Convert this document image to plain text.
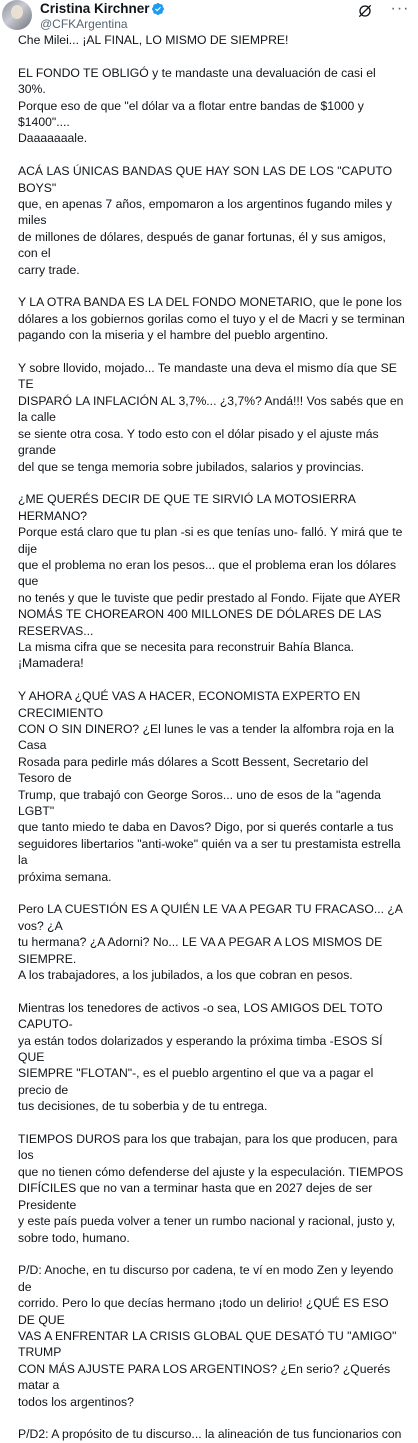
Cristina Kirchner
@CFKArgentina
···

Che Milei... ¡AL FINAL, LO MISMO DE SIEMPRE!

EL FONDO TE OBLIGÓ y te mandaste una devaluación de casi el 30%.
Porque eso de que "el dólar va a flotar entre bandas de $1000 y $1400"....
Daaaaaaale.

ACÁ LAS ÚNICAS BANDAS QUE HAY SON LAS DE LOS "CAPUTO BOYS"
que, en apenas 7 años, empomaron a los argentinos fugando miles y miles
de millones de dólares, después de ganar fortunas, él y sus amigos, con el
carry trade.

Y LA OTRA BANDA ES LA DEL FONDO MONETARIO, que le pone los
dólares a los gobiernos gorilas como el tuyo y el de Macri y se terminan
pagando con la miseria y el hambre del pueblo argentino.

Y sobre llovido, mojado... Te mandaste una deva el mismo día que SE TE
DISPARÓ LA INFLACIÓN AL 3,7%... ¿3,7%? Andá!!! Vos sabés que en la calle
se siente otra cosa. Y todo esto con el dólar pisado y el ajuste más grande
del que se tenga memoria sobre jubilados, salarios y provincias.

¿ME QUERÉS DECIR DE QUE TE SIRVIÓ LA MOTOSIERRA HERMANO?
Porque está claro que tu plan -si es que tenías uno- falló. Y mirá que te dije
que el problema no eran los pesos... que el problema eran los dólares que
no tenés y que le tuviste que pedir prestado al Fondo. Fijate que AYER
NOMÁS TE CHOREARON 400 MILLONES DE DÓLARES DE LAS RESERVAS...
La misma cifra que se necesita para reconstruir Bahía Blanca. ¡Mamadera!

Y AHORA ¿QUÉ VAS A HACER, ECONOMISTA EXPERTO EN CRECIMIENTO
CON O SIN DINERO? ¿El lunes le vas a tender la alfombra roja en la Casa
Rosada para pedirle más dólares a Scott Bessent, Secretario del Tesoro de
Trump, que trabajó con George Soros... uno de esos de la "agenda LGBT"
que tanto miedo te daba en Davos? Digo, por si querés contarle a tus
seguidores libertarios "anti-woke" quién va a ser tu prestamista estrella la
próxima semana.

Pero LA CUESTIÓN ES A QUIÉN LE VA A PEGAR TU FRACASO... ¿A vos? ¿A
tu hermana? ¿A Adorni? No... LE VA A PEGAR A LOS MISMOS DE SIEMPRE.
A los trabajadores, a los jubilados, a los que cobran en pesos.

Mientras los tenedores de activos -o sea, LOS AMIGOS DEL TOTO CAPUTO-
ya están todos dolarizados y esperando la próxima timba -ESOS SÍ QUE
SIEMPRE "FLOTAN"-, es el pueblo argentino el que va a pagar el precio de
tus decisiones, de tu soberbia y de tu entrega.

TIEMPOS DUROS para los que trabajan, para los que producen, para los
que no tienen cómo defenderse del ajuste y la especulación. TIEMPOS
DIFÍCILES que no van a terminar hasta que en 2027 dejes de ser Presidente
y este país pueda volver a tener un rumbo nacional y racional, justo y,
sobre todo, humano.

P/D: Anoche, en tu discurso por cadena, te ví en modo Zen y leyendo de
corrido. Pero lo que decías hermano ¡todo un delirio! ¿QUÉ ES ESO DE QUE
VAS A ENFRENTAR LA CRISIS GLOBAL QUE DESATÓ TU "AMIGO" TRUMP
CON MÁS AJUSTE PARA LOS ARGENTINOS? ¿En serio? ¿Querés matar a
todos los argentinos?

P/D2: A propósito de tu discurso... la alineación de tus funcionarios con
